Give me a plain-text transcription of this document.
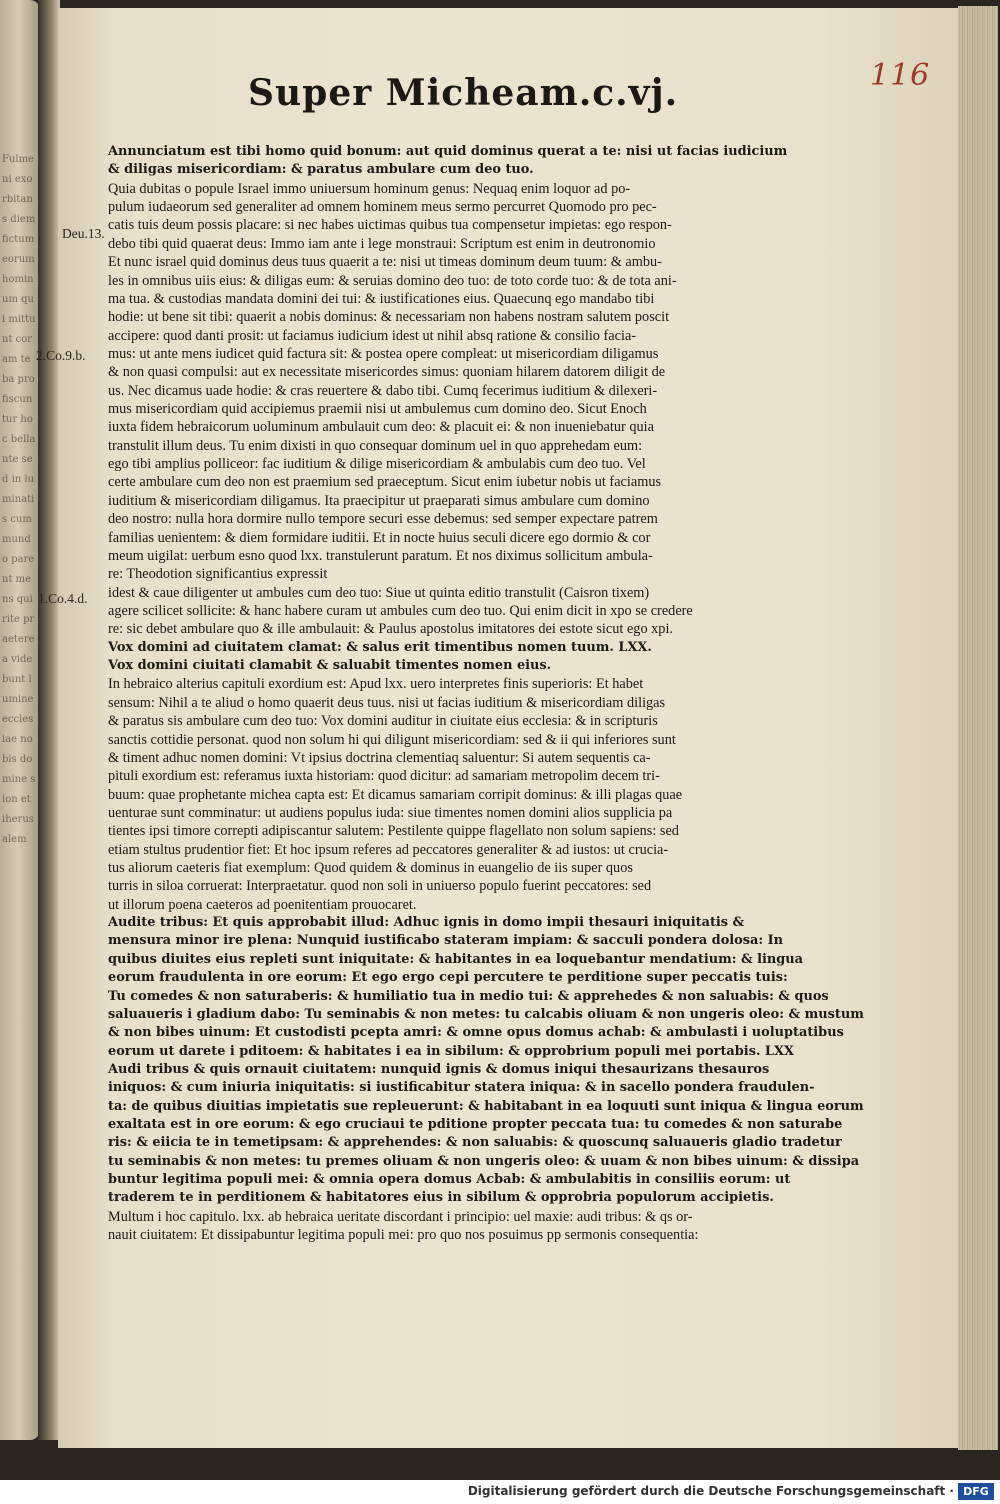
Fulmeni exorbitans diem fictum eorum hominum qui mittunt coram teba profiscuntur hoc bellante sed in luminatis cum mundo parent mens qui rite praeterea videbunt lumine ecclesiae nobis domine sion et iherusalem
116
Super Micheam.c.vj.
Deu.13.
2.Co.9.b.
1.Co.4.d.
Annunciatum est tibi homo quid bonum: aut quid dominus querat a te: nisi ut facias iudicium
& diligas misericordiam: & paratus ambulare cum deo tuo.
Quia dubitas o popule Israel immo uniuersum hominum genus: Nequaq enim loquor ad po-
pulum iudaeorum sed generaliter ad omnem hominem meus sermo percurret Quomodo pro pec-
catis tuis deum possis placare: si nec habes uictimas quibus tua compensetur impietas: ego respon-
debo tibi quid quaerat deus: Immo iam ante i lege monstraui: Scriptum est enim in deutronomio
Et nunc israel quid dominus deus tuus quaerit a te: nisi ut timeas dominum deum tuum: & ambu-
les in omnibus uiis eius: & diligas eum: & seruias domino deo tuo: de toto corde tuo: & de tota ani-
ma tua. & custodias mandata domini dei tui: & iustificationes eius. Quaecunq ego mandabo tibi
hodie: ut bene sit tibi: quaerit a nobis dominus: & necessariam non habens nostram salutem poscit
accipere: quod danti prosit: ut faciamus iudicium idest ut nihil absq ratione & consilio facia-
mus: ut ante mens iudicet quid factura sit: & postea opere compleat: ut misericordiam diligamus
& non quasi compulsi: aut ex necessitate misericordes simus: quoniam hilarem datorem diligit de
us. Nec dicamus uade hodie: & cras reuertere & dabo tibi. Cumq fecerimus iuditium & dilexeri-
mus misericordiam quid accipiemus praemii nisi ut ambulemus cum domino deo. Sicut Enoch
iuxta fidem hebraicorum uoluminum ambulauit cum deo: & placuit ei: & non inueniebatur quia
transtulit illum deus. Tu enim dixisti in quo consequar dominum uel in quo apprehedam eum:
ego tibi amplius polliceor: fac iuditium & dilige misericordiam & ambulabis cum deo tuo. Vel
certe ambulare cum deo non est praemium sed praeceptum. Sicut enim iubetur nobis ut faciamus
iuditium & misericordiam diligamus. Ita praecipitur ut praeparati simus ambulare cum domino
deo nostro: nulla hora dormire nullo tempore securi esse debemus: sed semper expectare patrem
familias uenientem: & diem formidare iuditii. Et in nocte huius seculi dicere ego dormio & cor
meum uigilat: uerbum esno quod lxx. transtulerunt paratum. Et nos diximus sollicitum ambula-
re: Theodotion significantius expressit
idest & caue diligenter ut ambules cum deo tuo: Siue ut quinta editio transtulit (Caisron tixem)
agere scilicet sollicite: & hanc habere curam ut ambules cum deo tuo. Qui enim dicit in xpo se credere
re: sic debet ambulare quo & ille ambulauit: & Paulus apostolus imitatores dei estote sicut ego xpi.
Vox domini ad ciuitatem clamat: & salus erit timentibus nomen tuum. LXX.
Vox domini ciuitati clamabit & saluabit timentes nomen eius.
In hebraico alterius capituli exordium est: Apud lxx. uero interpretes finis superioris: Et habet
sensum: Nihil a te aliud o homo quaerit deus tuus. nisi ut facias iuditium & misericordiam diligas
& paratus sis ambulare cum deo tuo: Vox domini auditur in ciuitate eius ecclesia: & in scripturis
sanctis cottidie personat. quod non solum hi qui diligunt misericordiam: sed & ii qui inferiores sunt
& timent adhuc nomen domini: Vt ipsius doctrina clementiaq saluentur: Si autem sequentis ca-
pituli exordium est: referamus iuxta historiam: quod dicitur: ad samariam metropolim decem tri-
buum: quae prophetante michea capta est: Et dicamus samariam corripit dominus: & illi plagas quae
uenturae sunt comminatur: ut audiens populus iuda: siue timentes nomen domini alios supplicia pa
tientes ipsi timore correpti adipiscantur salutem: Pestilente quippe flagellato non solum sapiens: sed
etiam stultus prudentior fiet: Et hoc ipsum referes ad peccatores generaliter & ad iustos: ut crucia-
tus aliorum caeteris fiat exemplum: Quod quidem & dominus in euangelio de iis super quos
turris in siloa corruerat: Interpraetatur. quod non soli in uniuerso populo fuerint peccatores: sed
ut illorum poena caeteros ad poenitentiam prouocaret.
Audite tribus: Et quis approbabit illud: Adhuc ignis in domo impii thesauri iniquitatis &
mensura minor ire plena: Nunquid iustificabo stateram impiam: & sacculi pondera dolosa: In
quibus diuites eius repleti sunt iniquitate: & habitantes in ea loquebantur mendatium: & lingua
eorum fraudulenta in ore eorum: Et ego ergo cepi percutere te perditione super peccatis tuis:
Tu comedes & non saturaberis: & humiliatio tua in medio tui: & apprehedes & non saluabis: & quos
saluaueris i gladium dabo: Tu seminabis & non metes: tu calcabis oliuam & non ungeris oleo: & mustum
& non bibes uinum: Et custodisti pcepta amri: & omne opus domus achab: & ambulasti i uoluptatibus
eorum ut darete i pditoem: & habitates i ea in sibilum: & opprobrium populi mei portabis. LXX
Audi tribus & quis ornauit ciuitatem: nunquid ignis & domus iniqui thesaurizans thesauros
iniquos: & cum iniuria iniquitatis: si iustificabitur statera iniqua: & in sacello pondera fraudulen-
ta: de quibus diuitias impietatis sue repleuerunt: & habitabant in ea loquuti sunt iniqua & lingua eorum
exaltata est in ore eorum: & ego cruciaui te pditione propter peccata tua: tu comedes & non saturabe
ris: & eiicia te in temetipsam: & apprehendes: & non saluabis: & quoscunq saluaueris gladio tradetur
tu seminabis & non metes: tu premes oliuam & non ungeris oleo: & uuam & non bibes uinum: & dissipa
buntur legitima populi mei: & omnia opera domus Acbab: & ambulabitis in consiliis eorum: ut
traderem te in perditionem & habitatores eius in sibilum & opprobria populorum accipietis.
Multum i hoc capitulo. lxx. ab hebraica ueritate discordant i principio: uel maxie: audi tribus: & qs or-
nauit ciuitatem: Et dissipabuntur legitima populi mei: pro quo nos posuimus pp sermonis consequentia:
Digitalisierung gefördert durch die Deutsche Forschungsgemeinschaft · DFG
